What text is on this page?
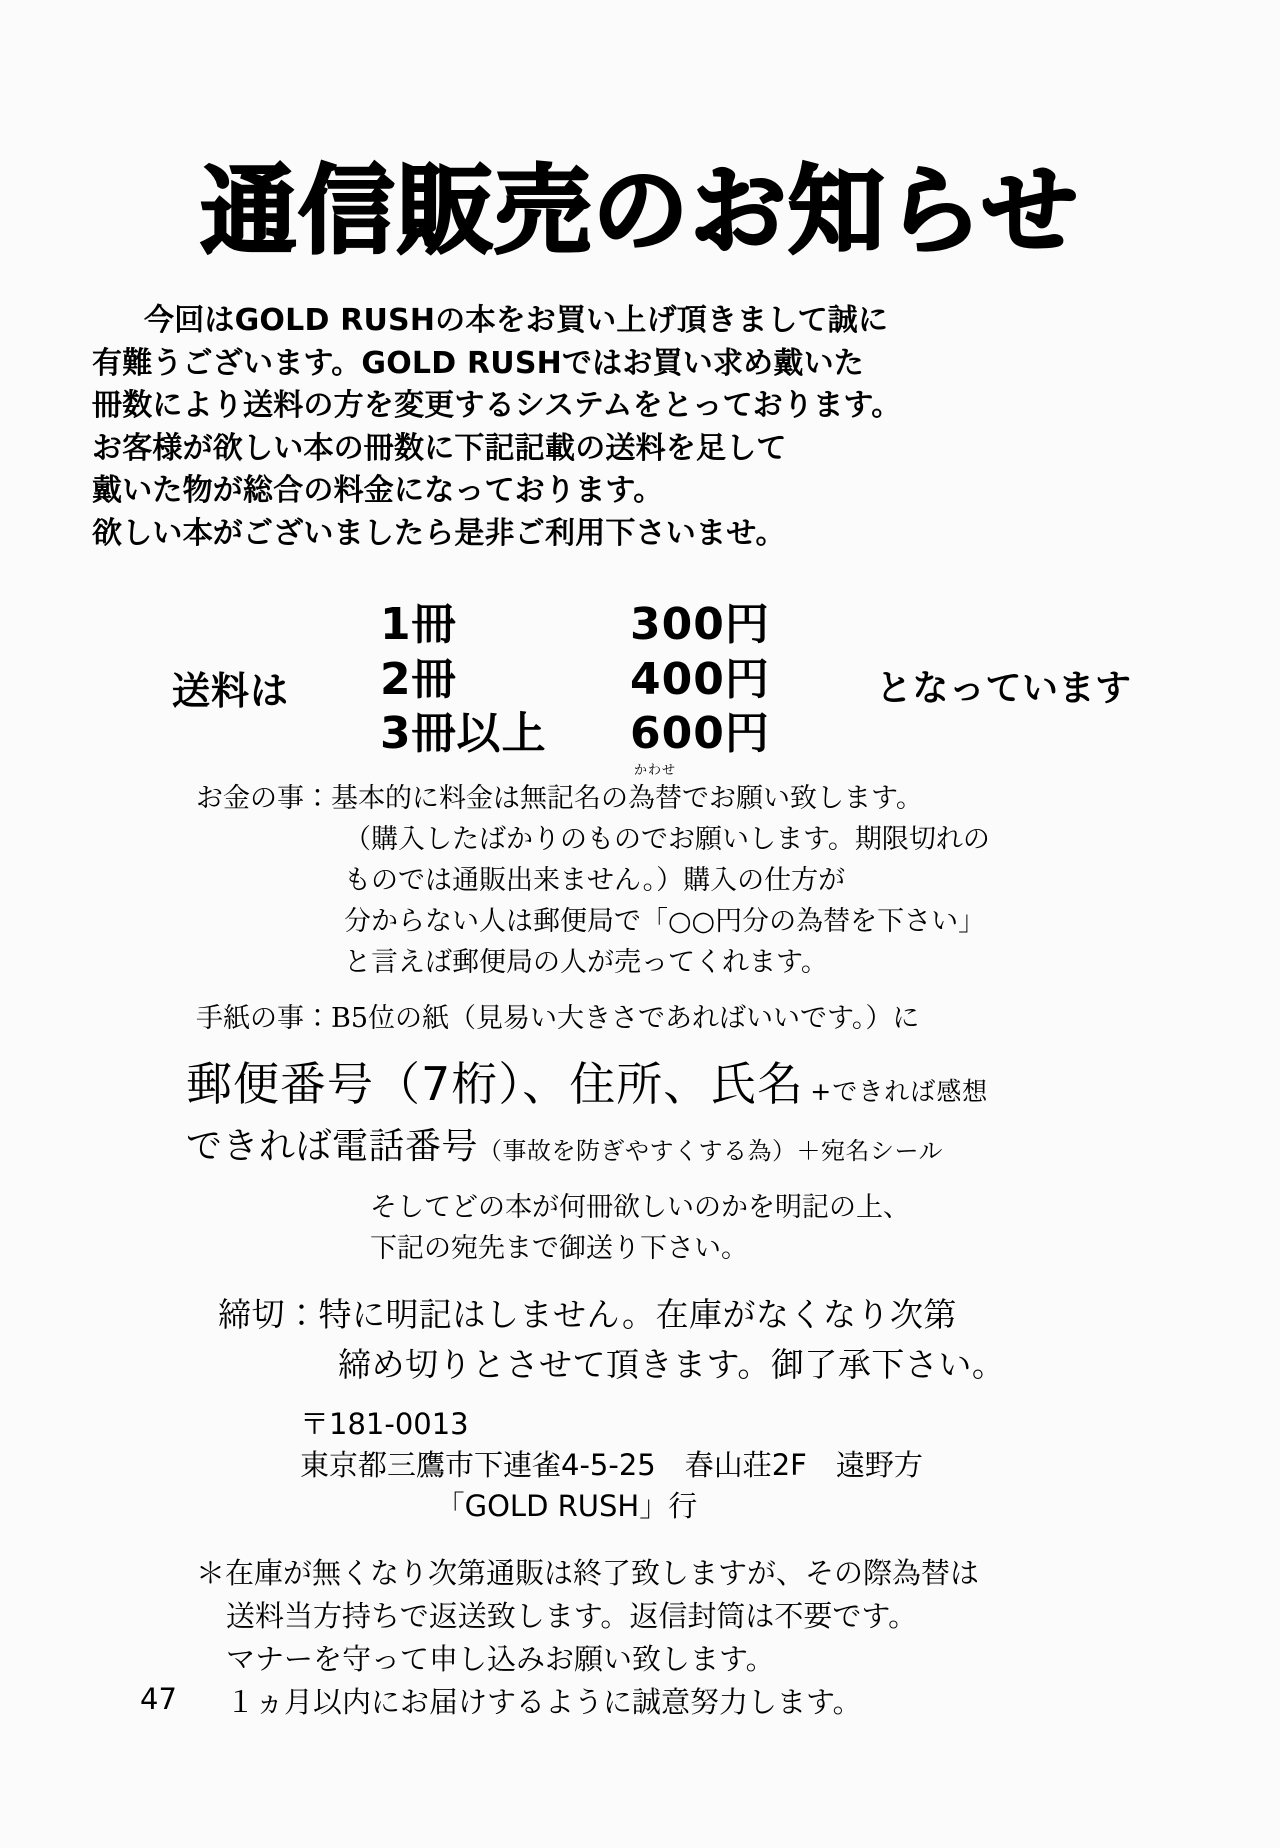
通信販売のお知らせ
今回はGOLD RUSHの本をお買い上げ頂きまして誠に
有難うございます。GOLD RUSHではお買い求め戴いた
冊数により送料の方を変更するシステムをとっております。
お客様が欲しい本の冊数に下記記載の送料を足して
戴いた物が総合の料金になっております。
欲しい本がございましたら是非ご利用下さいませ。
送料は
1冊	300円
2冊	400円
3冊以上	600円
となっています
お金の事：基本的に料金は無記名の
かわせ
為替でお願い致します。
（購入したばかりのものでお願いします。期限切れの
ものでは通販出来ません。）購入の仕方が
分からない人は郵便局で「○○円分の為替を下さい」
と言えば郵便局の人が売ってくれます。
手紙の事：B5位の紙（見易い大きさであればいいです。）に
郵便番号（7桁）、住所、氏名 +できれば感想
できれば電話番号 （事故を防ぎやすくする為）＋宛名シール
そしてどの本が何冊欲しいのかを明記の上、
下記の宛先まで御送り下さい。
締切：特に明記はしません。在庫がなくなり次第
締め切りとさせて頂きます。御了承下さい。
〒181-0013
東京都三鷹市下連雀4-5-25　春山荘2F　遠野方
「GOLD RUSH」行
＊在庫が無くなり次第通販は終了致しますが、その際為替は
送料当方持ちで返送致します。返信封筒は不要です。
マナーを守って申し込みお願い致します。
47 １ヵ月以内にお届けするように誠意努力します。
